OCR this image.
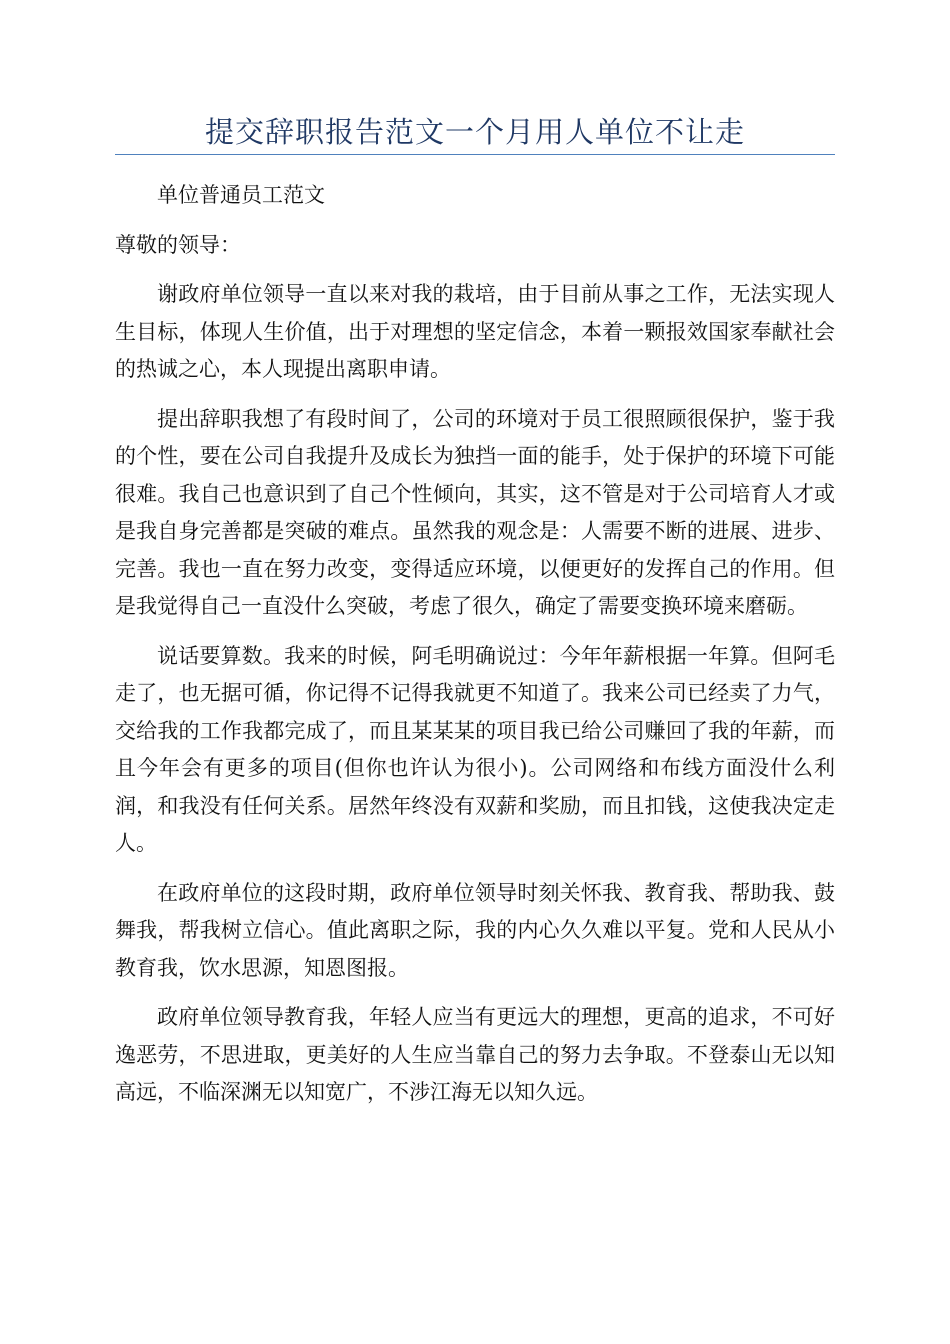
提交辞职报告范文一个月用人单位不让走

单位普通员工范文

尊敬的领导：

谢政府单位领导一直以来对我的栽培，由于目前从事之工作，无法实现人生目标，体现人生价值，出于对理想的坚定信念，本着一颗报效国家奉献社会的热诚之心，本人现提出离职申请。

提出辞职我想了有段时间了，公司的环境对于员工很照顾很保护，鉴于我的个性，要在公司自我提升及成长为独挡一面的能手，处于保护的环境下可能很难。我自己也意识到了自己个性倾向，其实，这不管是对于公司培育人才或是我自身完善都是突破的难点。虽然我的观念是：人需要不断的进展、进步、完善。我也一直在努力改变，变得适应环境，以便更好的发挥自己的作用。但是我觉得自己一直没什么突破，考虑了很久，确定了需要变换环境来磨砺。

说话要算数。我来的时候，阿毛明确说过：今年年薪根据一年算。但阿毛走了，也无据可循，你记得不记得我就更不知道了。我来公司已经卖了力气，交给我的工作我都完成了，而且某某某的项目我已给公司赚回了我的年薪，而且今年会有更多的项目(但你也许认为很小)。公司网络和布线方面没什么利润，和我没有任何关系。居然年终没有双薪和奖励，而且扣钱，这使我决定走人。

在政府单位的这段时期，政府单位领导时刻关怀我、教育我、帮助我、鼓舞我，帮我树立信心。值此离职之际，我的内心久久难以平复。党和人民从小教育我，饮水思源，知恩图报。

政府单位领导教育我，年轻人应当有更远大的理想，更高的追求，不可好逸恶劳，不思进取，更美好的人生应当靠自己的努力去争取。不登泰山无以知高远，不临深渊无以知宽广，不涉江海无以知久远。
